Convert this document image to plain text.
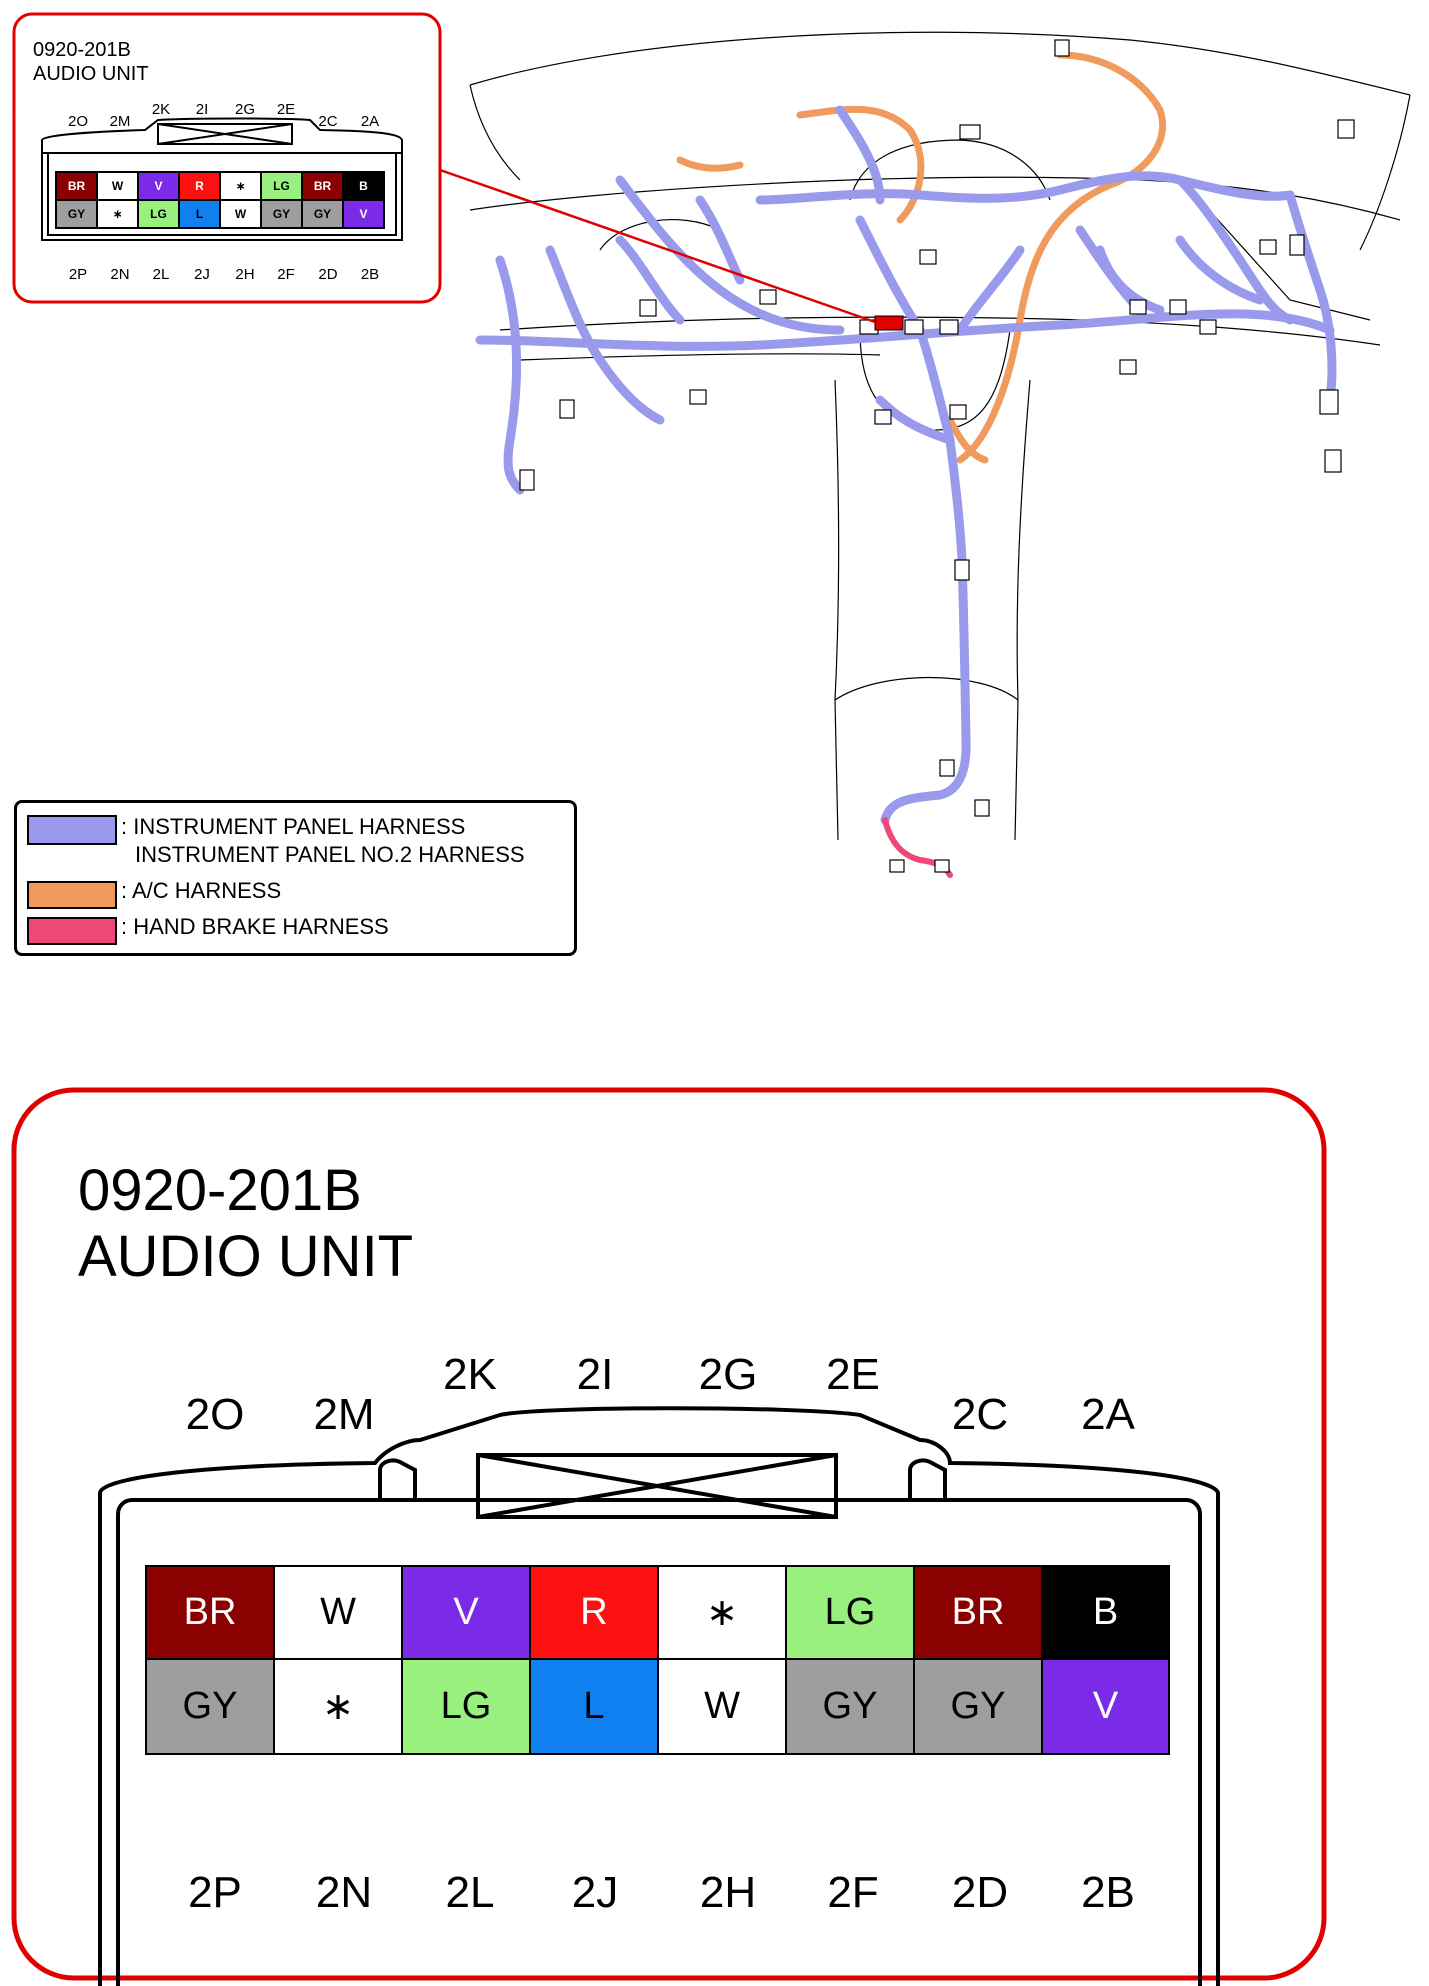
0920-201B
AUDIO UNIT
2O	2M
2K	2I	2G	2E
2C	2A
BR W	V	R	∗ LG BR B
GY ∗ LG L	W GY GY V
2P	2N	2L	2J	2H	2F	2D	2B
: INSTRUMENT PANEL HARNESS
INSTRUMENT PANEL NO.2 HARNESS
: A/C HARNESS
: HAND BRAKE HARNESS
0920-201B
AUDIO UNIT
2O	2M
2K	2I	2G	2E
2C	2A
BR W	V	R	∗ LG BR B
GY ∗ LG L	W GY GY V
2P	2N	2L	2J	2H	2F	2D	2B
